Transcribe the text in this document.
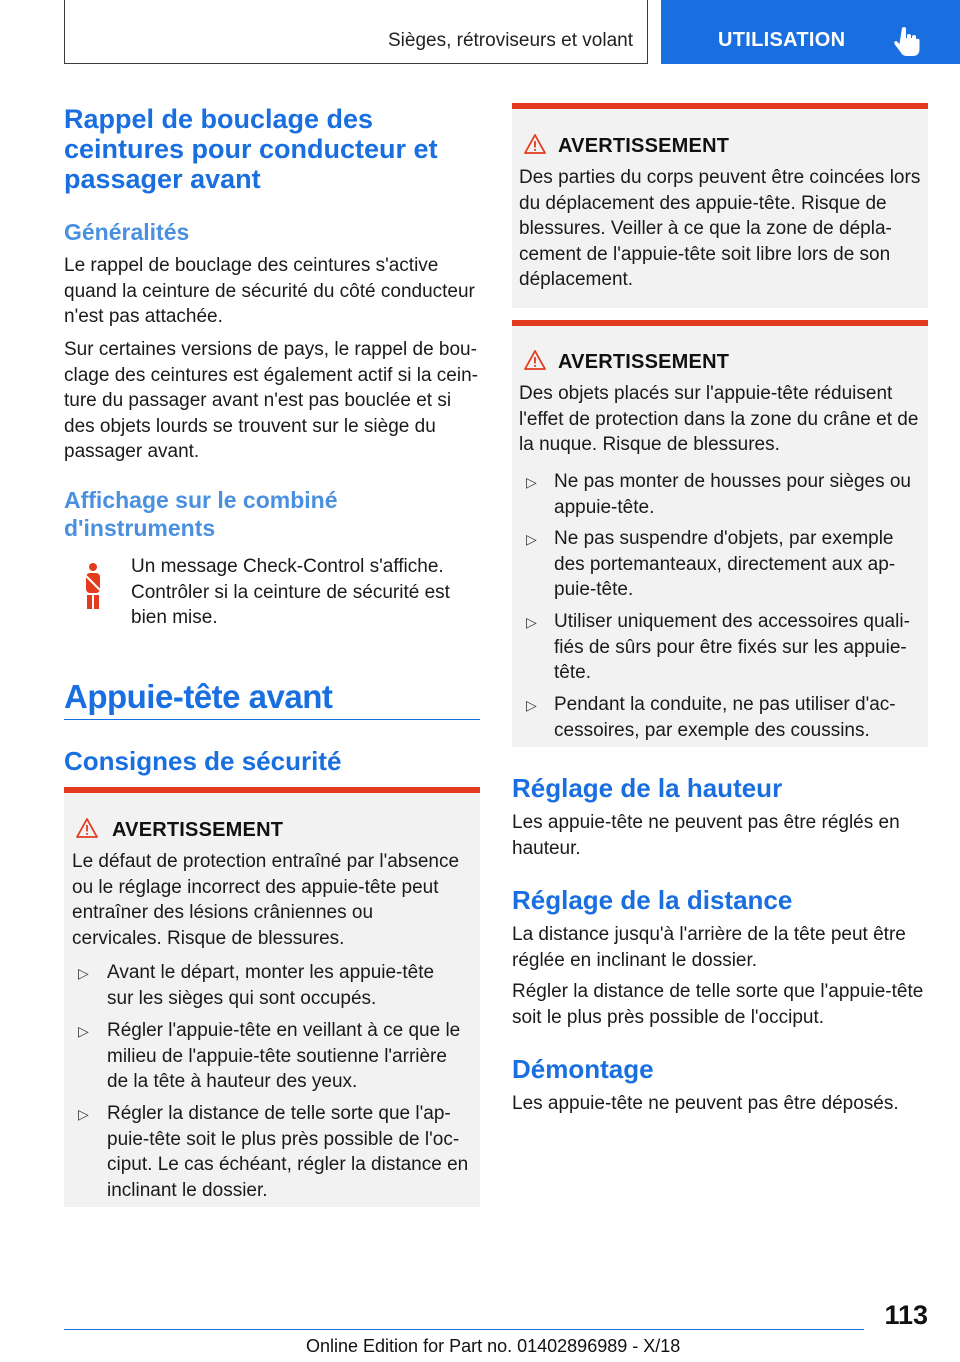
Sièges, rétroviseurs et volant	UTILISATION
Rappel de bouclage des ceintures pour conducteur et passager avant
Généralités

Le rappel de bouclage des ceintures s'active quand la ceinture de sécurité du côté conducteur n'est pas attachée.

Sur certaines versions de pays, le rappel de bouclage des ceintures est également actif si la ceinture du passager avant n'est pas bouclée et si des objets lourds se trouvent sur le siège du passager avant.

Affichage sur le combiné d'instruments

Un message Check-Control s'affiche. Contrôler si la ceinture de sécurité est bien mise.

Appuie-tête avant
Consignes de sécurité
AVERTISSEMENT

Le défaut de protection entraîné par l'absence ou le réglage incorrect des appuie-tête peut entraîner des lésions crâniennes ou cervicales. Risque de blessures.

▷ Avant le départ, monter les appuie-tête sur les sièges qui sont occupés.

▷ Régler l'appuie-tête en veillant à ce que le milieu de l'appuie-tête soutienne l'arrière de la tête à hauteur des yeux.

▷ Régler la distance de telle sorte que l'appuie-tête soit le plus près possible de l'occiput. Le cas échéant, régler la distance en inclinant le dossier.

AVERTISSEMENT

Des parties du corps peuvent être coincées lors du déplacement des appuie-tête. Risque de blessures. Veiller à ce que la zone de déplacement de l'appuie-tête soit libre lors de son déplacement.

AVERTISSEMENT

Des objets placés sur l'appuie-tête réduisent l'effet de protection dans la zone du crâne et de la nuque. Risque de blessures.

▷ Ne pas monter de housses pour sièges ou appuie-tête.

▷ Ne pas suspendre d'objets, par exemple des portemanteaux, directement aux appuie-tête.

▷ Utiliser uniquement des accessoires qualifiés de sûrs pour être fixés sur les appuie-tête.

▷ Pendant la conduite, ne pas utiliser d'accessoires, par exemple des coussins.

Réglage de la hauteur

Les appuie-tête ne peuvent pas être réglés en hauteur.

Réglage de la distance

La distance jusqu'à l'arrière de la tête peut être réglée en inclinant le dossier.

Régler la distance de telle sorte que l'appuie-tête soit le plus près possible de l'occiput.

Démontage

Les appuie-tête ne peuvent pas être déposés.

113
Online Edition for Part no. 01402896989 - X/18
